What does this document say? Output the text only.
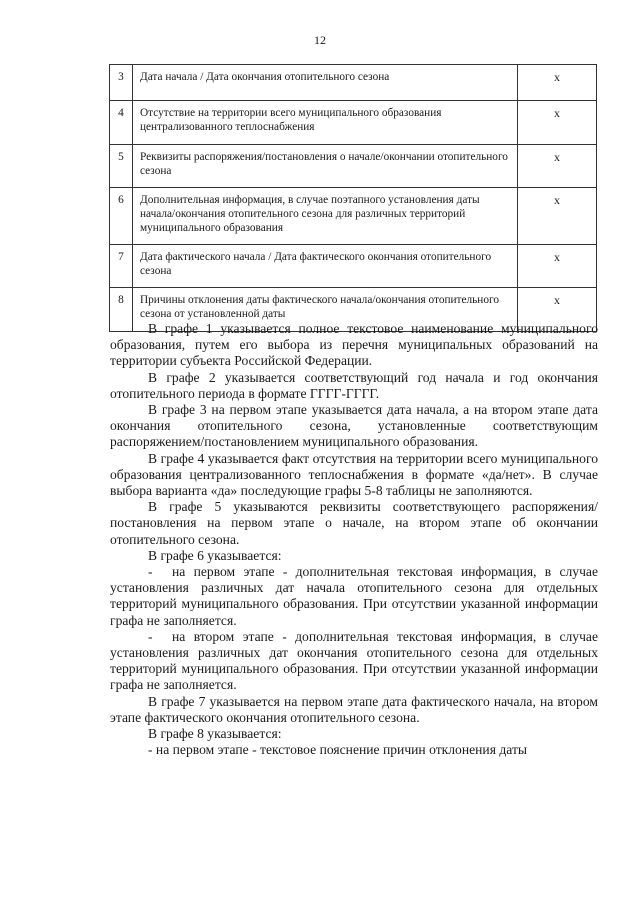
12
3	Дата начала / Дата окончания отопительного сезона	х
4	Отсутствие на территории всего муниципального образования централизованного теплоснабжения	х
5	Реквизиты распоряжения/постановления о начале/окончании отопительного сезона	х
6	Дополнительная информация, в случае поэтапного установления даты начала/окончания отопительного сезона для различных территорий муниципального образования	х
7	Дата фактического начала / Дата фактического окончания отопительного сезона	х
8	Причины отклонения даты фактического начала/окончания отопительного сезона от установленной даты	х

В графе 1 указывается полное текстовое наименование муниципального образования, путем его выбора из перечня муниципальных образований на территории субъекта Российской Федерации.

В графе 2 указывается соответствующий год начала и год окончания отопительного периода в формате ГГГГ-ГГГГ.

В графе 3 на первом этапе указывается дата начала, а на втором этапе дата окончания отопительного сезона, установленные соответствующим распоряжением/постановлением муниципального образования.

В графе 4 указывается факт отсутствия на территории всего муниципального образования централизованного теплоснабжения в формате «да/нет». В случае выбора варианта «да» последующие графы 5-8 таблицы не заполняются.

В графе 5 указываются реквизиты соответствующего распоряжения/постановления на первом этапе о начале, на втором этапе об окончании отопительного сезона.

В графе 6 указывается:

- на первом этапе - дополнительная текстовая информация, в случае установления различных дат начала отопительного сезона для отдельных территорий муниципального образования. При отсутствии указанной информации графа не заполняется.

- на втором этапе - дополнительная текстовая информация, в случае установления различных дат окончания отопительного сезона для отдельных территорий муниципального образования. При отсутствии указанной информации графа не заполняется.

В графе 7 указывается на первом этапе дата фактического начала, на втором этапе фактического окончания отопительного сезона.

В графе 8 указывается:

- на первом этапе - текстовое пояснение причин отклонения даты
